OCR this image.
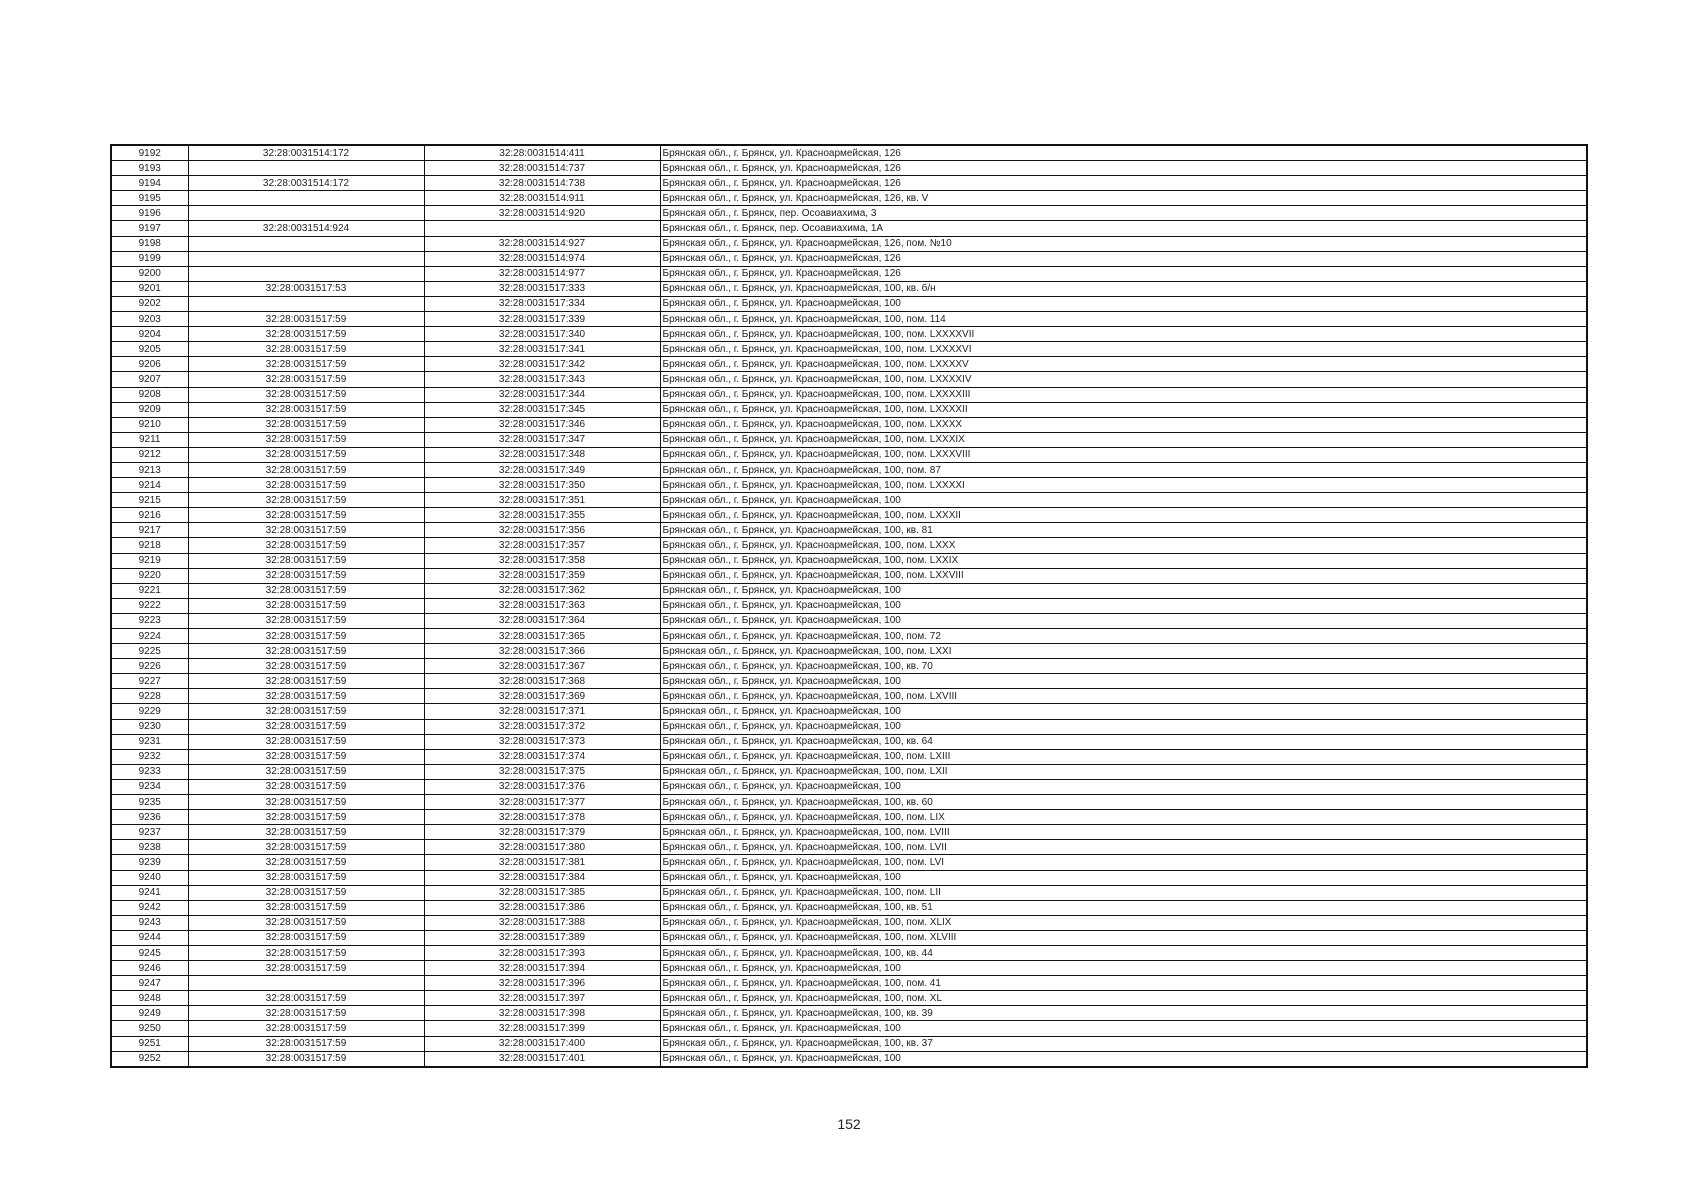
9192	32:28:0031514:172	32:28:0031514:411	Брянская обл., г. Брянск, ул. Красноармейская, 126
9193		32:28:0031514:737	Брянская обл., г. Брянск, ул. Красноармейская, 126
9194	32:28:0031514:172	32:28:0031514:738	Брянская обл., г. Брянск, ул. Красноармейская, 126
9195		32:28:0031514:911	Брянская обл., г. Брянск, ул. Красноармейская, 126, кв. V
9196		32:28:0031514:920	Брянская обл., г. Брянск, пер. Осоавиахима, 3
9197	32:28:0031514:924		Брянская обл., г. Брянск, пер. Осоавиахима, 1А
9198		32:28:0031514:927	Брянская обл., г. Брянск, ул. Красноармейская, 126, пом. №10
9199		32:28:0031514:974	Брянская обл., г. Брянск, ул. Красноармейская, 126
9200		32:28:0031514:977	Брянская обл., г. Брянск, ул. Красноармейская, 126
9201	32:28:0031517:53	32:28:0031517:333	Брянская обл., г. Брянск, ул. Красноармейская, 100, кв. б/н
9202		32:28:0031517:334	Брянская обл., г. Брянск, ул. Красноармейская, 100
9203	32:28:0031517:59	32:28:0031517:339	Брянская обл., г. Брянск, ул. Красноармейская, 100, пом. 114
9204	32:28:0031517:59	32:28:0031517:340	Брянская обл., г. Брянск, ул. Красноармейская, 100, пом. LXXXXVII
9205	32:28:0031517:59	32:28:0031517:341	Брянская обл., г. Брянск, ул. Красноармейская, 100, пом. LXXXXVI
9206	32:28:0031517:59	32:28:0031517:342	Брянская обл., г. Брянск, ул. Красноармейская, 100, пом. LXXXXV
9207	32:28:0031517:59	32:28:0031517:343	Брянская обл., г. Брянск, ул. Красноармейская, 100, пом. LXXXXIV
9208	32:28:0031517:59	32:28:0031517:344	Брянская обл., г. Брянск, ул. Красноармейская, 100, пом. LXXXXIII
9209	32:28:0031517:59	32:28:0031517:345	Брянская обл., г. Брянск, ул. Красноармейская, 100, пом. LXXXXII
9210	32:28:0031517:59	32:28:0031517:346	Брянская обл., г. Брянск, ул. Красноармейская, 100, пом. LXXXX
9211	32:28:0031517:59	32:28:0031517:347	Брянская обл., г. Брянск, ул. Красноармейская, 100, пом. LXXXIX
9212	32:28:0031517:59	32:28:0031517:348	Брянская обл., г. Брянск, ул. Красноармейская, 100, пом. LXXXVIII
9213	32:28:0031517:59	32:28:0031517:349	Брянская обл., г. Брянск, ул. Красноармейская, 100, пом. 87
9214	32:28:0031517:59	32:28:0031517:350	Брянская обл., г. Брянск, ул. Красноармейская, 100, пом. LXXXXI
9215	32:28:0031517:59	32:28:0031517:351	Брянская обл., г. Брянск, ул. Красноармейская, 100
9216	32:28:0031517:59	32:28:0031517:355	Брянская обл., г. Брянск, ул. Красноармейская, 100, пом. LXXXII
9217	32:28:0031517:59	32:28:0031517:356	Брянская обл., г. Брянск, ул. Красноармейская, 100, кв. 81
9218	32:28:0031517:59	32:28:0031517:357	Брянская обл., г. Брянск, ул. Красноармейская, 100, пом. LXXX
9219	32:28:0031517:59	32:28:0031517:358	Брянская обл., г. Брянск, ул. Красноармейская, 100, пом. LXXIX
9220	32:28:0031517:59	32:28:0031517:359	Брянская обл., г. Брянск, ул. Красноармейская, 100, пом. LXXVIII
9221	32:28:0031517:59	32:28:0031517:362	Брянская обл., г. Брянск, ул. Красноармейская, 100
9222	32:28:0031517:59	32:28:0031517:363	Брянская обл., г. Брянск, ул. Красноармейская, 100
9223	32:28:0031517:59	32:28:0031517:364	Брянская обл., г. Брянск, ул. Красноармейская, 100
9224	32:28:0031517:59	32:28:0031517:365	Брянская обл., г. Брянск, ул. Красноармейская, 100, пом. 72
9225	32:28:0031517:59	32:28:0031517:366	Брянская обл., г. Брянск, ул. Красноармейская, 100, пом. LXXI
9226	32:28:0031517:59	32:28:0031517:367	Брянская обл., г. Брянск, ул. Красноармейская, 100, кв. 70
9227	32:28:0031517:59	32:28:0031517:368	Брянская обл., г. Брянск, ул. Красноармейская, 100
9228	32:28:0031517:59	32:28:0031517:369	Брянская обл., г. Брянск, ул. Красноармейская, 100, пом. LXVIII
9229	32:28:0031517:59	32:28:0031517:371	Брянская обл., г. Брянск, ул. Красноармейская, 100
9230	32:28:0031517:59	32:28:0031517:372	Брянская обл., г. Брянск, ул. Красноармейская, 100
9231	32:28:0031517:59	32:28:0031517:373	Брянская обл., г. Брянск, ул. Красноармейская, 100, кв. 64
9232	32:28:0031517:59	32:28:0031517:374	Брянская обл., г. Брянск, ул. Красноармейская, 100, пом. LXIII
9233	32:28:0031517:59	32:28:0031517:375	Брянская обл., г. Брянск, ул. Красноармейская, 100, пом. LXII
9234	32:28:0031517:59	32:28:0031517:376	Брянская обл., г. Брянск, ул. Красноармейская, 100
9235	32:28:0031517:59	32:28:0031517:377	Брянская обл., г. Брянск, ул. Красноармейская, 100, кв. 60
9236	32:28:0031517:59	32:28:0031517:378	Брянская обл., г. Брянск, ул. Красноармейская, 100, пом. LIX
9237	32:28:0031517:59	32:28:0031517:379	Брянская обл., г. Брянск, ул. Красноармейская, 100, пом. LVIII
9238	32:28:0031517:59	32:28:0031517:380	Брянская обл., г. Брянск, ул. Красноармейская, 100, пом. LVII
9239	32:28:0031517:59	32:28:0031517:381	Брянская обл., г. Брянск, ул. Красноармейская, 100, пом. LVI
9240	32:28:0031517:59	32:28:0031517:384	Брянская обл., г. Брянск, ул. Красноармейская, 100
9241	32:28:0031517:59	32:28:0031517:385	Брянская обл., г. Брянск, ул. Красноармейская, 100, пом. LII
9242	32:28:0031517:59	32:28:0031517:386	Брянская обл., г. Брянск, ул. Красноармейская, 100, кв. 51
9243	32:28:0031517:59	32:28:0031517:388	Брянская обл., г. Брянск, ул. Красноармейская, 100, пом. XLIX
9244	32:28:0031517:59	32:28:0031517:389	Брянская обл., г. Брянск, ул. Красноармейская, 100, пом. XLVIII
9245	32:28:0031517:59	32:28:0031517:393	Брянская обл., г. Брянск, ул. Красноармейская, 100, кв. 44
9246	32:28:0031517:59	32:28:0031517:394	Брянская обл., г. Брянск, ул. Красноармейская, 100
9247		32:28:0031517:396	Брянская обл., г. Брянск, ул. Красноармейская, 100, пом. 41
9248	32:28:0031517:59	32:28:0031517:397	Брянская обл., г. Брянск, ул. Красноармейская, 100, пом. XL
9249	32:28:0031517:59	32:28:0031517:398	Брянская обл., г. Брянск, ул. Красноармейская, 100, кв. 39
9250	32:28:0031517:59	32:28:0031517:399	Брянская обл., г. Брянск, ул. Красноармейская, 100
9251	32:28:0031517:59	32:28:0031517:400	Брянская обл., г. Брянск, ул. Красноармейская, 100, кв. 37
9252	32:28:0031517:59	32:28:0031517:401	Брянская обл., г. Брянск, ул. Красноармейская, 100
152
